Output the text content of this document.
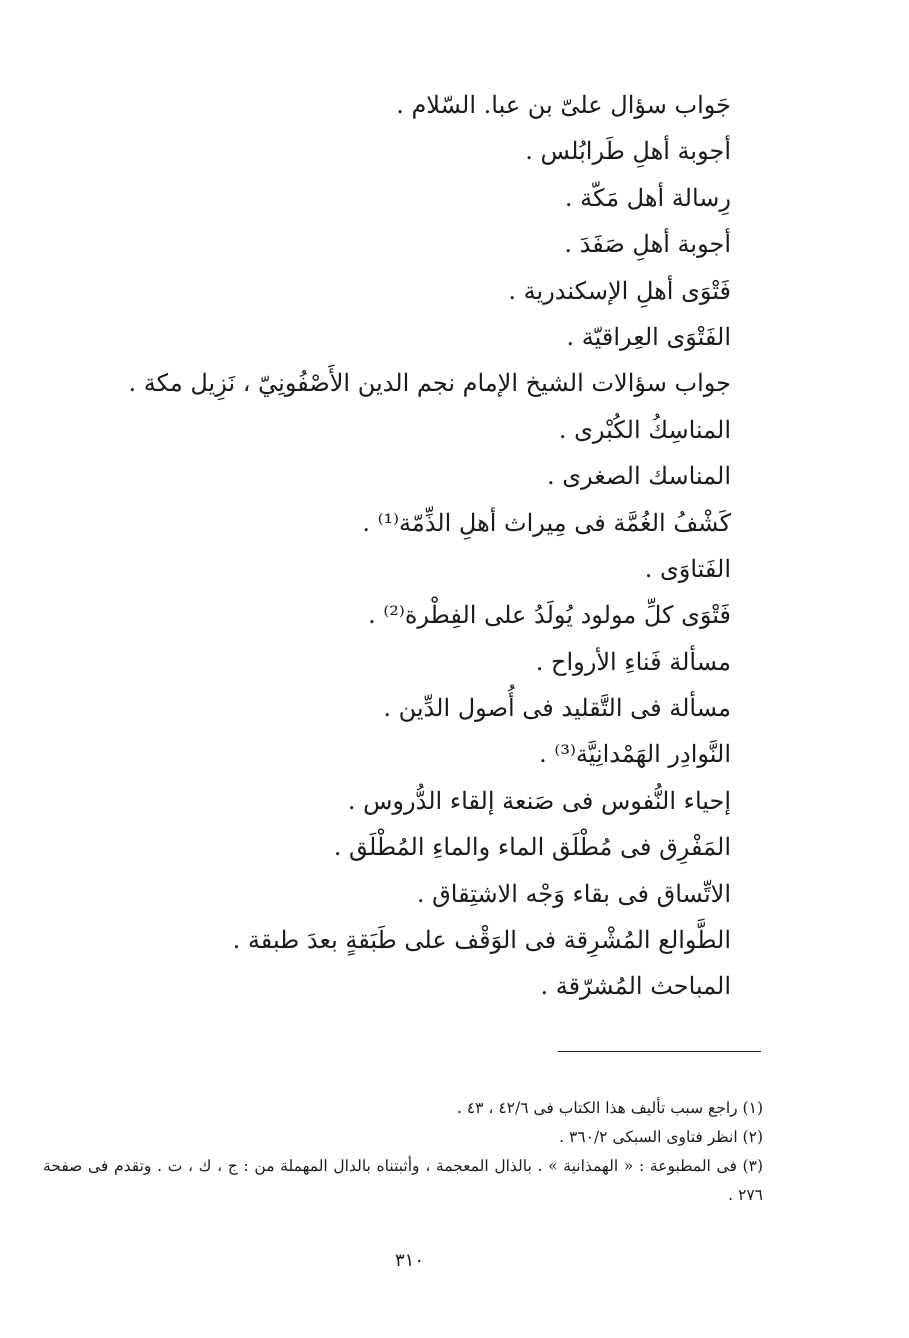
جَواب سؤال علىّ بن عبا. السّلام .
أجوبة أهلِ طَرابُلس .
رِسالة أهل مَكّة .
أجوبة أهلِ صَفَدَ .
فَتْوَى أهلِ الإسكندرية .
الفَتْوَى العِراقيّة .
جواب سؤالات الشيخ الإمام نجم الدين الأَصْفُونِيّ ، نَزِيل مكة .
المناسِكُ الكُبْرى .
المناسك الصغرى .
كَشْفُ الغُمَّة فى مِيراث أهلِ الذِّمّة⁽¹⁾ .
الفَتاوَى .
فَتْوَى كلِّ مولود يُولَدُ على الفِطْرة⁽²⁾ .
مسألة فَناءِ الأرواح .
مسألة فى التَّقليد فى أُصول الدِّين .
النَّوادِر الهَمْدانِيَّة⁽³⁾ .
إحياء النُّفوس فى صَنعة إلقاء الدُّروس .
المَفْرِق فى مُطْلَق الماء والماءِ المُطْلَق .
الاتِّساق فى بقاء وَجْه الاشتِقاق .
الطَّوالع المُشْرِقة فى الوَقْف على طَبَقةٍ بعدَ طبقة .
المباحث المُشرّقة .
(١) راجع سبب تأليف هذا الكتاب فى ٤٢/٦ ، ٤٣ .
(٢) انظر فتاوى السبكى ٣٦٠/٢ .
(٣) فى المطبوعة : « الهمذانية » . بالذال المعجمة ، وأثبتناه بالدال المهملة من : ج ، ك ، ت . وتقدم فى صفحة ٢٧٦ .
٣١٠
